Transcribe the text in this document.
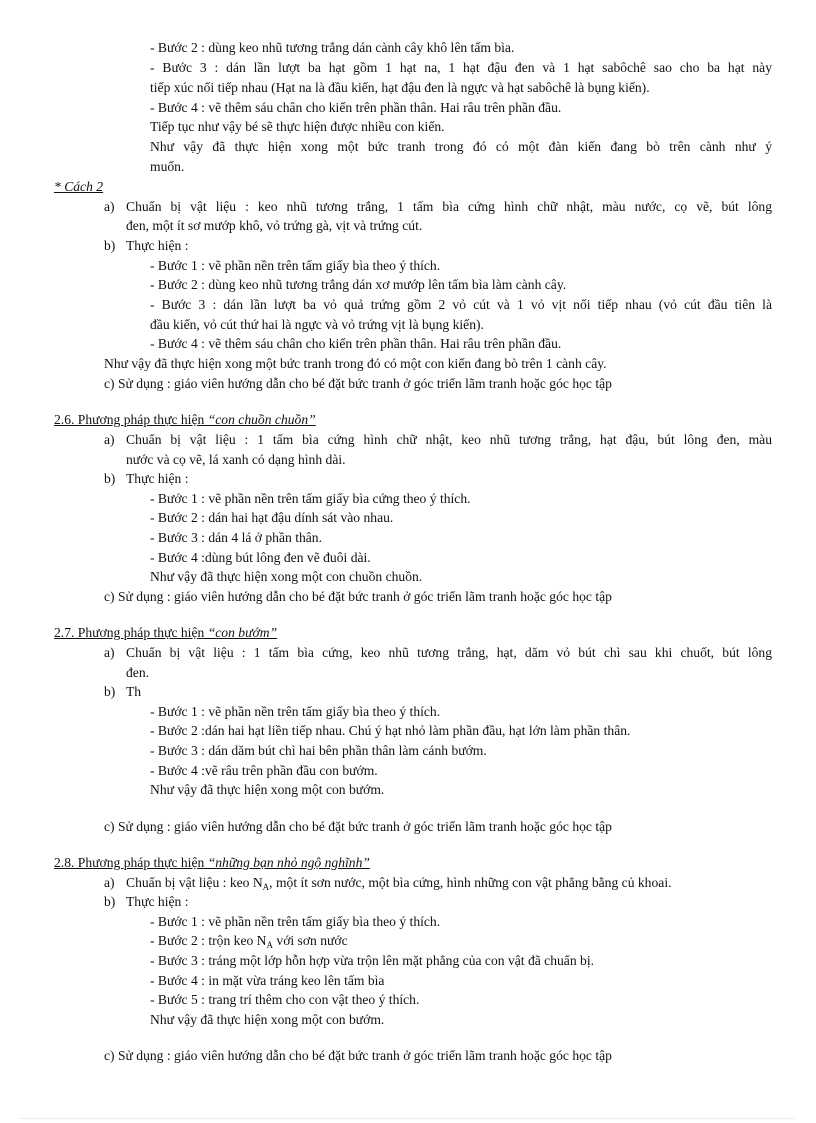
- Bước 2 : dùng keo nhũ tương trắng dán cành cây khô lên tấm bìa.
- Bước 3 : dán lần lượt ba hạt gồm 1 hạt na, 1 hạt đậu đen và 1 hạt sabôchê sao cho ba hạt này
tiếp xúc nối tiếp nhau (Hạt na là đầu kiến, hạt đậu đen là ngực và hạt sabôchê là bụng kiến).
- Bước 4 : vẽ thêm sáu chân cho kiến trên phần thân. Hai râu trên phần đầu.
Tiếp tục như vậy bé sẽ thực hiện được nhiều con kiến.
Như vậy đã thực hiện xong một bức tranh trong đó có một đàn kiến đang bò trên cành như ý
muốn.
* Cách 2
a) Chuẩn bị vật liệu : keo nhũ tương trắng, 1 tấm bìa cứng hình chữ nhật, màu nước, cọ vẽ, bút lông
đen, một ít sơ mướp khô, vỏ trứng gà, vịt và trứng cút.
b) Thực hiện :
- Bước 1 : vẽ phần nền trên tấm giấy bìa theo ý thích.
- Bước 2 : dùng keo nhũ tương trắng dán xơ mướp lên tấm bìa làm cành cây.
- Bước 3 : dán lần lượt ba vỏ quả trứng gồm 2 vỏ cút và 1 vỏ vịt nối tiếp nhau (vỏ cút đầu tiên là
đầu kiến, vỏ cút thứ hai là ngực và vỏ trứng vịt là bụng kiến).
- Bước 4 : vẽ thêm sáu chân cho kiến trên phần thân. Hai râu trên phần đầu.
Như vậy đã thực hiện xong một bức tranh trong đó có một con kiến đang bò trên 1 cành cây.
c) Sử dụng : giáo viên hướng dẫn cho bé đặt bức tranh ở góc triển lãm tranh hoặc góc học tập
2.6. Phương pháp thực hiện “con chuồn chuồn”
a) Chuẩn bị vật liệu : 1 tấm bìa cứng hình chữ nhật, keo nhũ tương trắng, hạt đậu, bút lông đen, màu
nước và cọ vẽ, lá xanh có dạng hình dài.
b) Thực hiện :
- Bước 1 : vẽ phần nền trên tấm giấy bìa cứng theo ý thích.
- Bước 2 : dán hai hạt đậu dính sát vào nhau.
- Bước 3 : dán 4 lá ở phần thân.
- Bước 4 :dùng bút lông đen vẽ đuôi dài.
Như vậy đã thực hiện xong một con chuồn chuồn.
c) Sử dụng : giáo viên hướng dẫn cho bé đặt bức tranh ở góc triển lãm tranh hoặc góc học tập
2.7. Phương pháp thực hiện “con bướm”
a) Chuẩn bị vật liệu : 1 tấm bìa cứng, keo nhũ tương trắng, hạt, dăm vỏ bút chì sau khi chuốt, bút lông
đen.
b) Th
- Bước 1 : vẽ phần nền trên tấm giấy bìa theo ý thích.
- Bước 2 :dán hai hạt liền tiếp nhau. Chú ý hạt nhỏ làm phần đầu, hạt lớn làm phần thân.
- Bước 3 : dán dăm bút chì hai bên phần thân làm cánh bướm.
- Bước 4 :vẽ râu trên phần đầu con bướm.
Như vậy đã thực hiện xong một con bướm.
c) Sử dụng : giáo viên hướng dẫn cho bé đặt bức tranh ở góc triển lãm tranh hoặc góc học tập
2.8. Phương pháp thực hiện “những bạn nhỏ ngộ nghĩnh”
a) Chuẩn bị vật liệu : keo $N_A$, một ít sơn nước, một bìa cứng, hình những con vật phẳng bằng củ khoai.
b) Thực hiện :
- Bước 1 : vẽ phần nền trên tấm giấy bìa theo ý thích.
- Bước 2 : trộn keo $N_A$ với sơn nước
- Bước 3 : tráng một lớp hỗn hợp vừa trộn lên mặt phẳng của con vật đã chuẩn bị.
- Bước 4 : in mặt vừa tráng keo lên tấm bìa
- Bước 5 : trang trí thêm cho con vật theo ý thích.
Như vậy đã thực hiện xong một con bướm.
c) Sử dụng : giáo viên hướng dẫn cho bé đặt bức tranh ở góc triển lãm tranh hoặc góc học tập
